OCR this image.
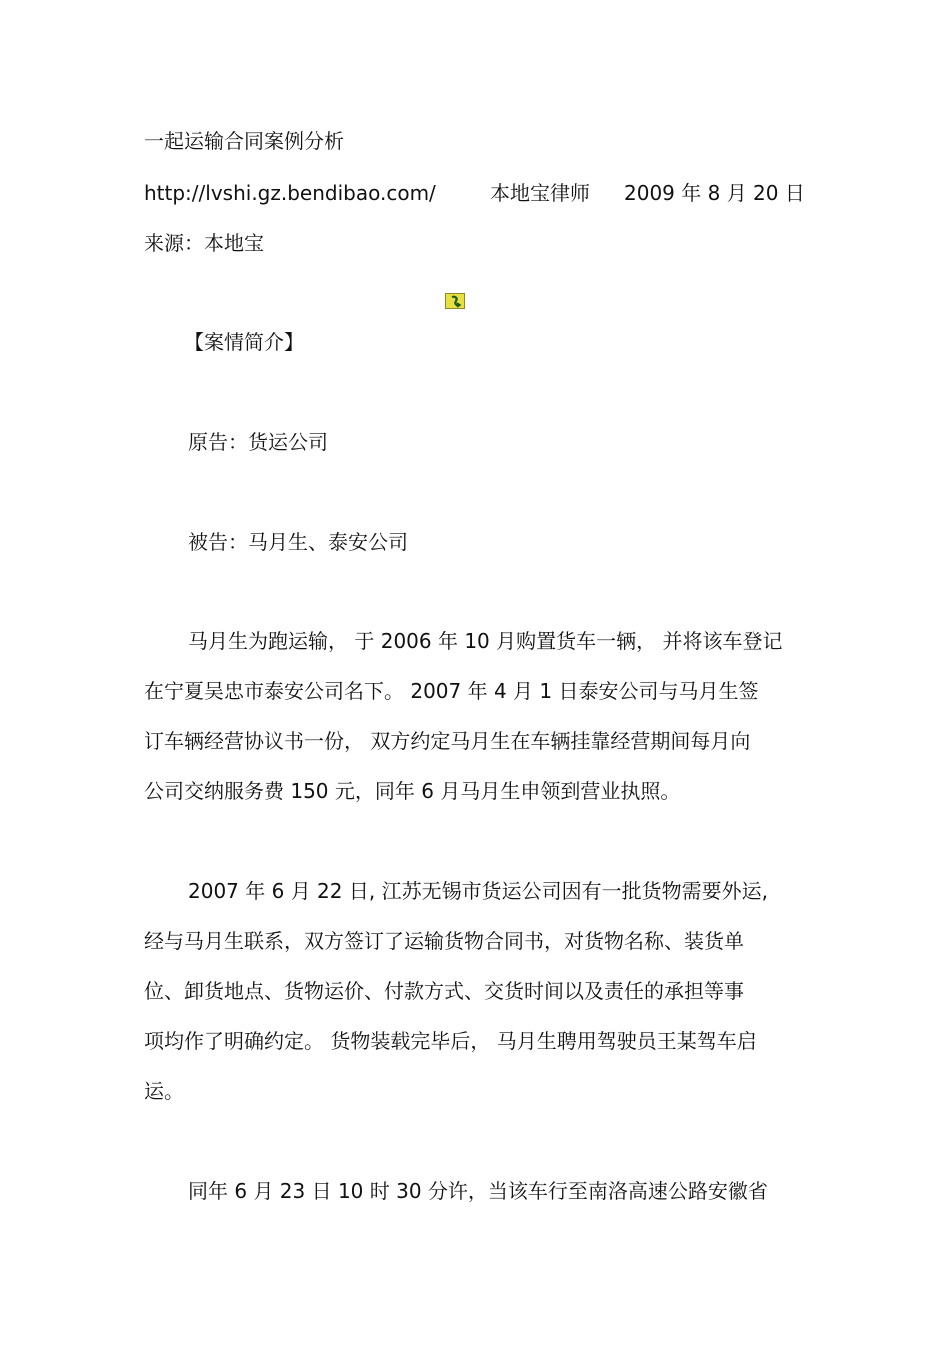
一起运输合同案例分析
http://lvshi.gz.bendibao.com/	本地宝律师 2009 年 8 月 20 日
来源：本地宝
【案情简介】
原告：货运公司
被告：马月生、泰安公司
马月生为跑运输， 于 2006 年 10 月购置货车一辆， 并将该车登记
在宁夏吴忠市泰安公司名下。 2007 年 4 月 1 日泰安公司与马月生签
订车辆经营协议书一份， 双方约定马月生在车辆挂靠经营期间每月向
公司交纳服务费 150 元，同年 6 月马月生申领到营业执照。
2007 年 6 月 22 日, 江苏无锡市货运公司因有一批货物需要外运,
经与马月生联系，双方签订了运输货物合同书，对货物名称、装货单
位、卸货地点、货物运价、付款方式、交货时间以及责任的承担等事
项均作了明确约定。 货物装载完毕后， 马月生聘用驾驶员王某驾车启
运。
同年 6 月 23 日 10 时 30 分许，当该车行至南洛高速公路安徽省
